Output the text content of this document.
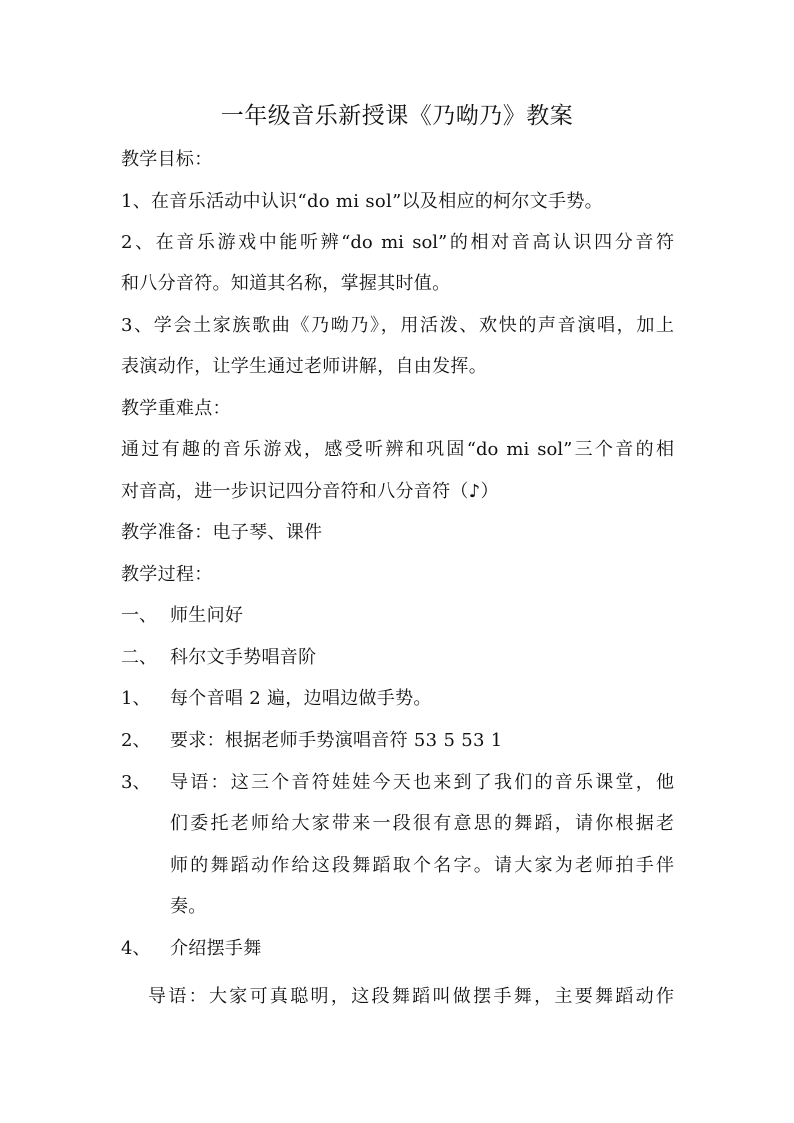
一年级音乐新授课《乃呦乃》教案
教学目标：
1、在音乐活动中认识“do mi sol”以及相应的柯尔文手势。
2、在音乐游戏中能听辨“do mi sol”的相对音高认识四分音符
和八分音符。知道其名称，掌握其时值。
3、学会土家族歌曲《乃呦乃》，用活泼、欢快的声音演唱，加上
表演动作，让学生通过老师讲解，自由发挥。
教学重难点：
通过有趣的音乐游戏，感受听辨和巩固“do mi sol”三个音的相
对音高，进一步识记四分音符和八分音符（♪）
教学准备：电子琴、课件
教学过程：
一、 师生问好
二、 科尔文手势唱音阶
1、 每个音唱 2 遍，边唱边做手势。
2、 要求：根据老师手势演唱音符 53 5 53 1
3、 导语：这三个音符娃娃今天也来到了我们的音乐课堂，他
们委托老师给大家带来一段很有意思的舞蹈，请你根据老
师的舞蹈动作给这段舞蹈取个名字。请大家为老师拍手伴
奏。
4、 介绍摆手舞
导语：大家可真聪明，这段舞蹈叫做摆手舞，主要舞蹈动作
